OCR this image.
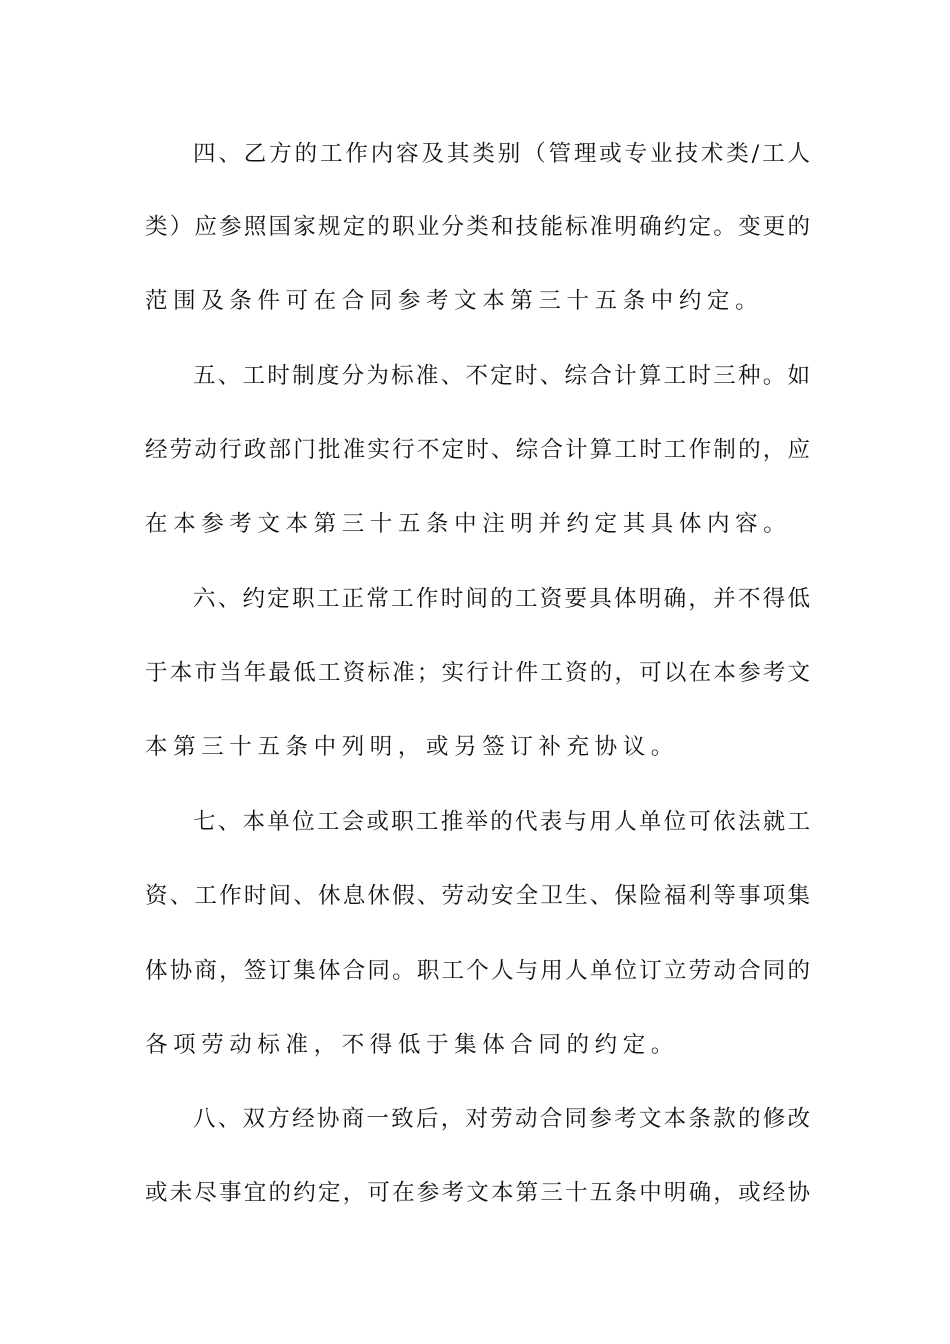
四、乙方的工作内容及其类别（管理或专业技术类/工人
类）应参照国家规定的职业分类和技能标准明确约定。变更的
范围及条件可在合同参考文本第三十五条中约定。
五、工时制度分为标准、不定时、综合计算工时三种。如
经劳动行政部门批准实行不定时、综合计算工时工作制的，应
在本参考文本第三十五条中注明并约定其具体内容。
六、约定职工正常工作时间的工资要具体明确，并不得低
于本市当年最低工资标准；实行计件工资的，可以在本参考文
本第三十五条中列明，或另签订补充协议。
七、本单位工会或职工推举的代表与用人单位可依法就工
资、工作时间、休息休假、劳动安全卫生、保险福利等事项集
体协商，签订集体合同。职工个人与用人单位订立劳动合同的
各项劳动标准，不得低于集体合同的约定。
八、双方经协商一致后，对劳动合同参考文本条款的修改
或未尽事宜的约定，可在参考文本第三十五条中明确，或经协
